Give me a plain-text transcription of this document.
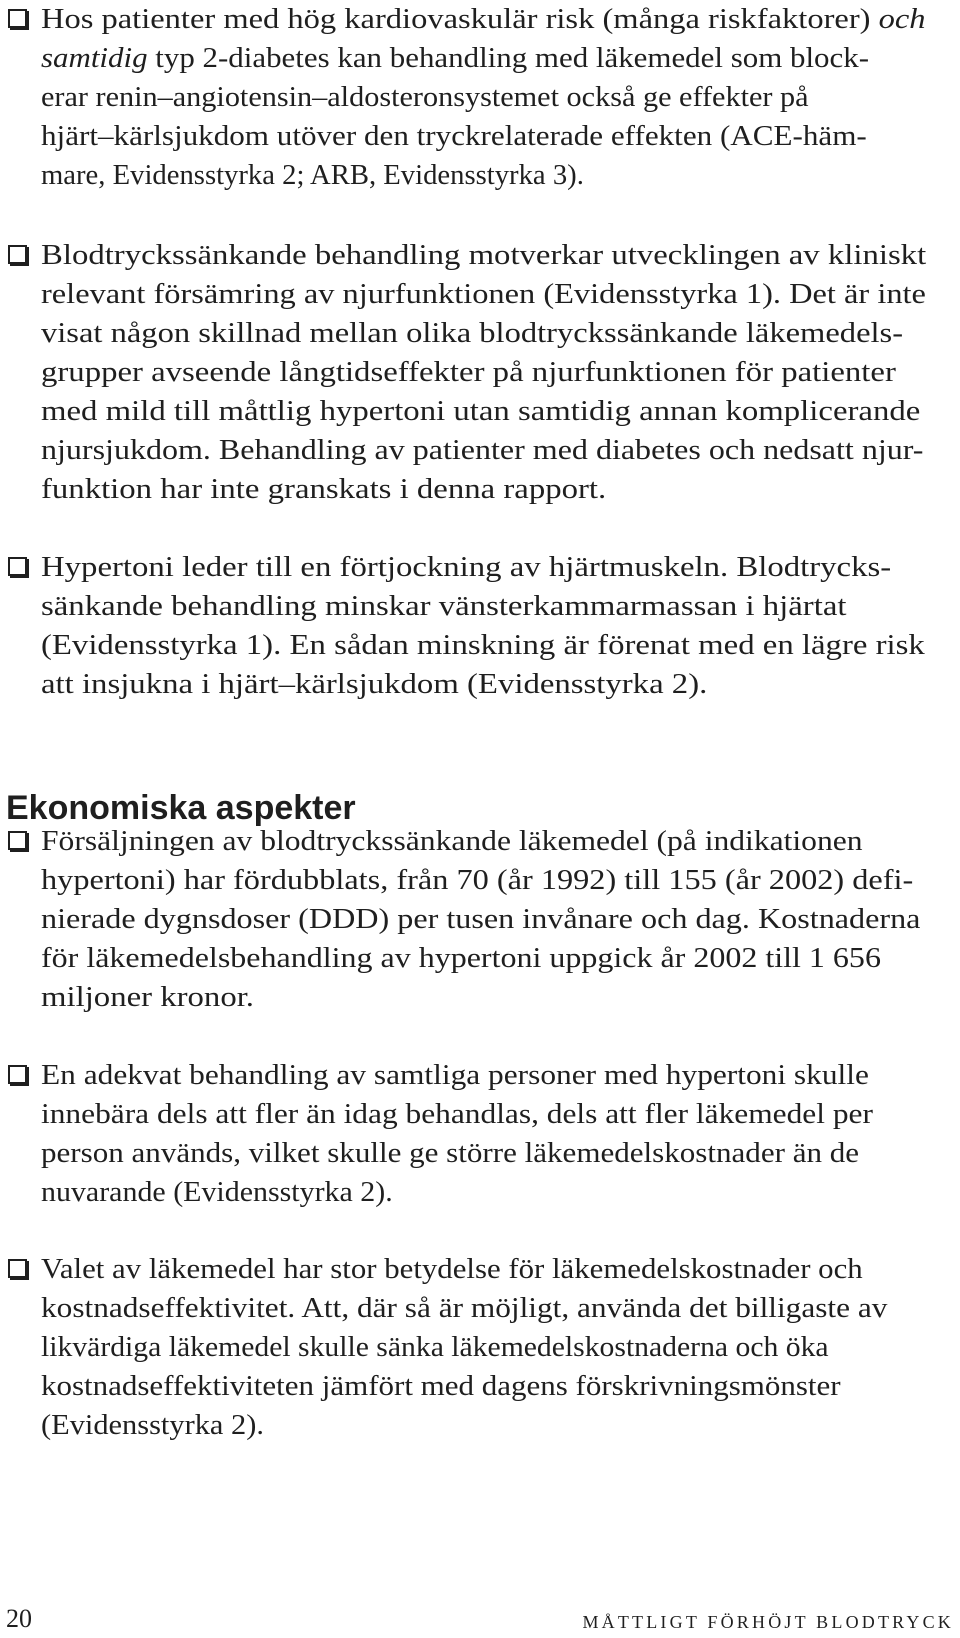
Hos patienter med hög kardiovaskulär risk (många riskfaktorer) och
samtidig typ 2-diabetes kan behandling med läkemedel som block-
erar renin–angiotensin–aldosteronsystemet också ge effekter på
hjärt–kärlsjukdom utöver den tryckrelaterade effekten (ACE-häm-
mare, Evidensstyrka 2; ARB, Evidensstyrka 3).
Blodtryckssänkande behandling motverkar utvecklingen av kliniskt
relevant försämring av njurfunktionen (Evidensstyrka 1). Det är inte
visat någon skillnad mellan olika blodtryckssänkande läkemedels-
grupper avseende långtidseffekter på njurfunktionen för patienter
med mild till måttlig hypertoni utan samtidig annan komplicerande
njursjukdom. Behandling av patienter med diabetes och nedsatt njur-
funktion har inte granskats i denna rapport.
Hypertoni leder till en förtjockning av hjärtmuskeln. Blodtrycks-
sänkande behandling minskar vänsterkammarmassan i hjärtat
(Evidensstyrka 1). En sådan minskning är förenat med en lägre risk
att insjukna i hjärt–kärlsjukdom (Evidensstyrka 2).
Ekonomiska aspekter
Försäljningen av blodtryckssänkande läkemedel (på indikationen
hypertoni) har fördubblats, från 70 (år 1992) till 155 (år 2002) defi-
nierade dygnsdoser (DDD) per tusen invånare och dag. Kostnaderna
för läkemedelsbehandling av hypertoni uppgick år 2002 till 1 656
miljoner kronor.
En adekvat behandling av samtliga personer med hypertoni skulle
innebära dels att fler än idag behandlas, dels att fler läkemedel per
person används, vilket skulle ge större läkemedelskostnader än de
nuvarande (Evidensstyrka 2).
Valet av läkemedel har stor betydelse för läkemedelskostnader och
kostnadseffektivitet. Att, där så är möjligt, använda det billigaste av
likvärdiga läkemedel skulle sänka läkemedelskostnaderna och öka
kostnadseffektiviteten jämfört med dagens förskrivningsmönster
(Evidensstyrka 2).
20	MÅTTLIGT FÖRHÖJT BLODTRYCK
